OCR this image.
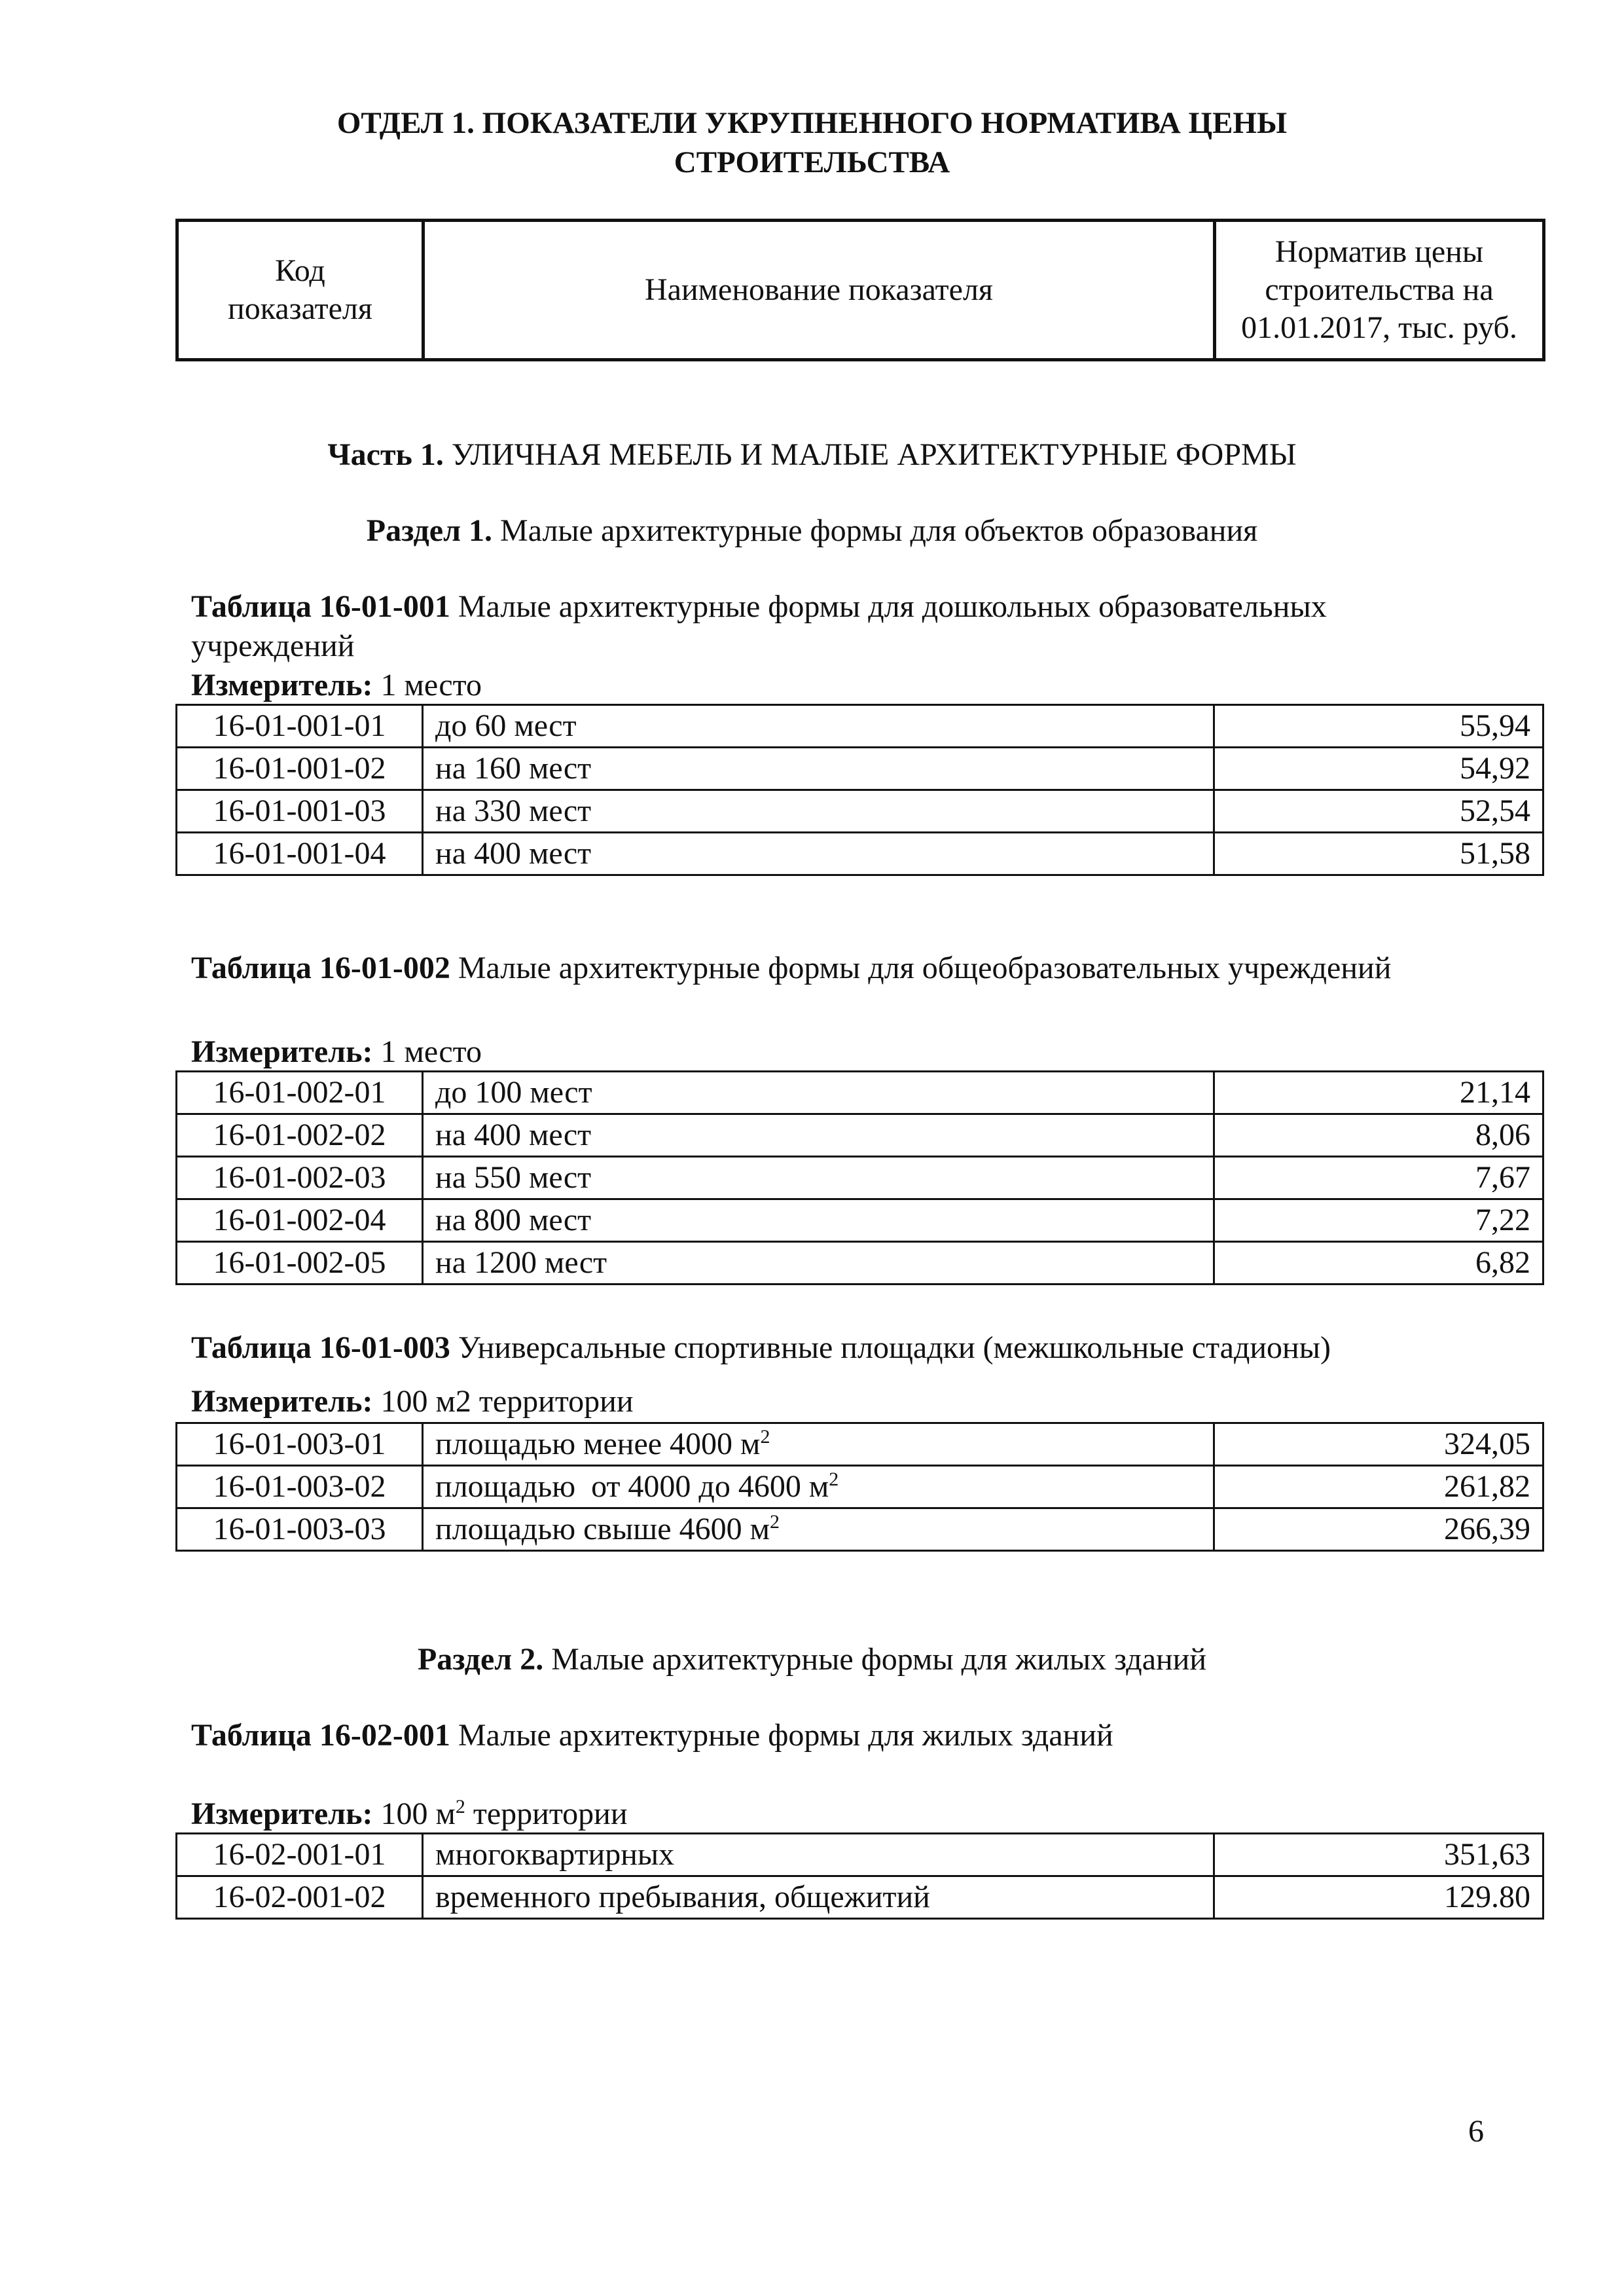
ОТДЕЛ 1. ПОКАЗАТЕЛИ УКРУПНЕННОГО НОРМАТИВА ЦЕНЫ
СТРОИТЕЛЬСТВА
Код
показателя
	Наименование показателя	
Норматив цены
строительства на
01.01.2017, тыс. руб.
Часть 1. УЛИЧНАЯ МЕБЕЛЬ И МАЛЫЕ АРХИТЕКТУРНЫЕ ФОРМЫ
Раздел 1. Малые архитектурные формы для объектов образования
Таблица 16-01-001 Малые архитектурные формы для дошкольных образовательных
учреждений
Измеритель: 1 место
16-01-001-01	до 60 мест	55,94
16-01-001-02	на 160 мест	54,92
16-01-001-03	на 330 мест	52,54
16-01-001-04	на 400 мест	51,58
Таблица 16-01-002 Малые архитектурные формы для общеобразовательных учреждений
Измеритель: 1 место
16-01-002-01	до 100 мест	21,14
16-01-002-02	на 400 мест	8,06
16-01-002-03	на 550 мест	7,67
16-01-002-04	на 800 мест	7,22
16-01-002-05	на 1200 мест	6,82
Таблица 16-01-003 Универсальные спортивные площадки (межшкольные стадионы)
Измеритель: 100 м2 территории
16-01-003-01	площадью менее 4000 $м^2$	324,05
16-01-003-02	площадью  от 4000 до 4600 $м^2$	261,82
16-01-003-03	площадью свыше 4600 $м^2$	266,39
Раздел 2. Малые архитектурные формы для жилых зданий
Таблица 16-02-001 Малые архитектурные формы для жилых зданий
Измеритель: 100 $м^2$ территории
16-02-001-01	многоквартирных	351,63
16-02-001-02	временного пребывания, общежитий	129.80
6
